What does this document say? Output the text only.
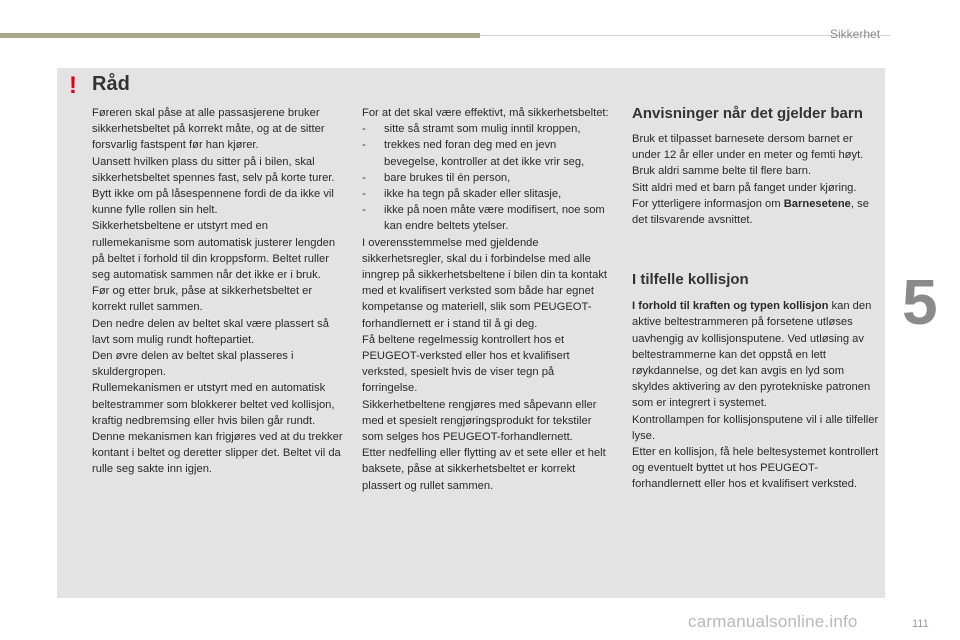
Sikkerhet
5
111
carmanualsonline.info
! Råd

Føreren skal påse at alle passasjerene bruker sikkerhetsbeltet på korrekt måte, og at de sitter forsvarlig fastspent før han kjører.

Uansett hvilken plass du sitter på i bilen, skal sikkerhetsbeltet spennes fast, selv på korte turer.

Bytt ikke om på låsespennene fordi de da ikke vil kunne fylle rollen sin helt.

Sikkerhetsbeltene er utstyrt med en rullemekanisme som automatisk justerer lengden på beltet i forhold til din kroppsform. Beltet ruller seg automatisk sammen når det ikke er i bruk.

Før og etter bruk, påse at sikkerhetsbeltet er korrekt rullet sammen.

Den nedre delen av beltet skal være plassert så lavt som mulig rundt hoftepartiet.

Den øvre delen av beltet skal plasseres i skuldergropen.

Rullemekanismen er utstyrt med en automatisk beltestrammer som blokkerer beltet ved kollisjon, kraftig nedbremsing eller hvis bilen går rundt. Denne mekanismen kan frigjøres ved at du trekker kontant i beltet og deretter slipper det. Beltet vil da rulle seg sakte inn igjen.

For at det skal være effektivt, må sikkerhetsbeltet:

- sitte så stramt som mulig inntil kroppen,

- trekkes ned foran deg med en jevn bevegelse, kontroller at det ikke vrir seg,

- bare brukes til én person,

- ikke ha tegn på skader eller slitasje,

- ikke på noen måte være modifisert, noe som kan endre beltets ytelser.

I overensstemmelse med gjeldende sikkerhetsregler, skal du i forbindelse med alle inngrep på sikkerhetsbeltene i bilen din ta kontakt med et kvalifisert verksted som både har egnet kompetanse og materiell, slik som PEUGEOT-forhandlernett er i stand til å gi deg.

Få beltene regelmessig kontrollert hos et PEUGEOT-verksted eller hos et kvalifisert verksted, spesielt hvis de viser tegn på forringelse.

Sikkerhetbeltene rengjøres med såpevann eller med et spesielt rengjøringsprodukt for tekstiler som selges hos PEUGEOT-forhandlernett.

Etter nedfelling eller flytting av et sete eller et helt baksete, påse at sikkerhetsbeltet er korrekt plassert og rullet sammen.

Anvisninger når det gjelder barn

Bruk et tilpasset barnesete dersom barnet er under 12 år eller under en meter og femti høyt.

Bruk aldri samme belte til flere barn.

Sitt aldri med et barn på fanget under kjøring.

For ytterligere informasjon om Barnesetene, se det tilsvarende avsnittet.

I tilfelle kollisjon

I forhold til kraften og typen kollisjon kan den aktive beltestrammeren på forsetene utløses uavhengig av kollisjonsputene. Ved utløsing av beltestrammerne kan det oppstå en lett røykdannelse, og det kan avgis en lyd som skyldes aktivering av den pyrotekniske patronen som er integrert i systemet.

Kontrollampen for kollisjonsputene vil i alle tilfeller lyse.

Etter en kollisjon, få hele beltesystemet kontrollert og eventuelt byttet ut hos PEUGEOT-forhandlernett eller hos et kvalifisert verksted.
